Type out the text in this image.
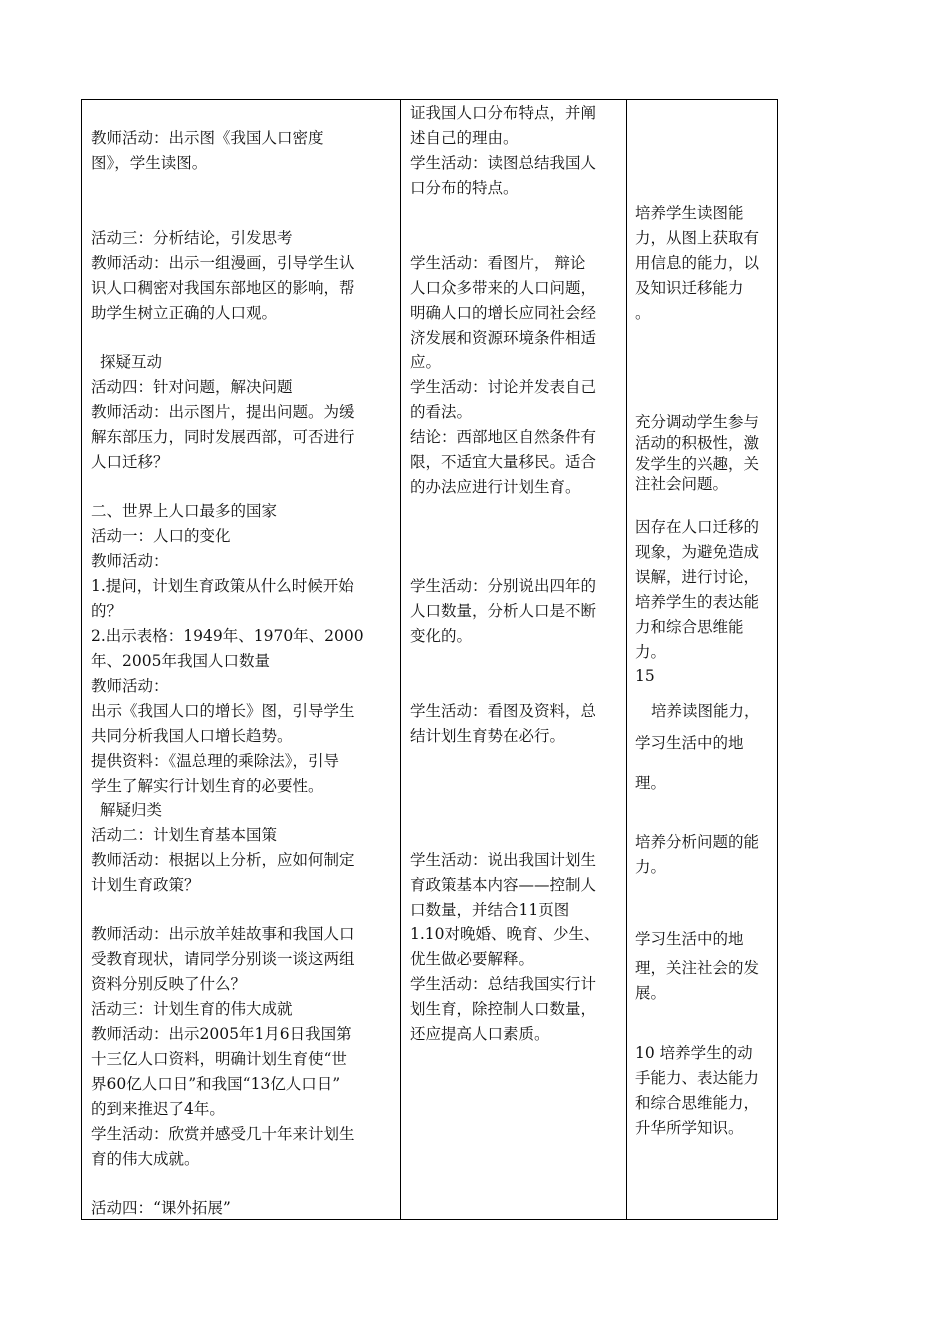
教师活动：出示图《我国人口密度
图》，学生读图。
活动三：分析结论，引发思考
教师活动：出示一组漫画，引导学生认
识人口稠密对我国东部地区的影响，帮
助学生树立正确的人口观。
探疑互动
活动四：针对问题，解决问题
教师活动：出示图片，提出问题。为缓
解东部压力，同时发展西部，可否进行
人口迁移？
二、世界上人口最多的国家
活动一：人口的变化
教师活动：
1.提问，计划生育政策从什么时候开始
的？
2.出示表格：1949年、1970年、2000
年、2005年我国人口数量
教师活动：
出示《我国人口的增长》图，引导学生
共同分析我国人口增长趋势。
提供资料：《温总理的乘除法》，引导
学生了解实行计划生育的必要性。
解疑归类
活动二：计划生育基本国策
教师活动：根据以上分析，应如何制定
计划生育政策？
教师活动：出示放羊娃故事和我国人口
受教育现状，请同学分别谈一谈这两组
资料分别反映了什么？
活动三：计划生育的伟大成就
教师活动：出示2005年1月6日我国第
十三亿人口资料，明确计划生育使“世
界60亿人口日”和我国“13亿人口日”
的到来推迟了4年。
学生活动：欣赏并感受几十年来计划生
育的伟大成就。
活动四：“课外拓展”
证我国人口分布特点，并阐
述自己的理由。
学生活动：读图总结我国人
口分布的特点。
学生活动：看图片， 辩论
人口众多带来的人口问题，
明确人口的增长应同社会经
济发展和资源环境条件相适
应。
学生活动：讨论并发表自己
的看法。
结论：西部地区自然条件有
限，不适宜大量移民。适合
的办法应进行计划生育。
学生活动：分别说出四年的
人口数量，分析人口是不断
变化的。
学生活动：看图及资料，总
结计划生育势在必行。
学生活动：说出我国计划生
育政策基本内容——控制人
口数量，并结合11页图
1.10对晚婚、晚育、少生、
优生做必要解释。
学生活动：总结我国实行计
划生育，除控制人口数量，
还应提高人口素质。
培养学生读图能
力，从图上获取有
用信息的能力，以
及知识迁移能力
。
充分调动学生参与
活动的积极性，激
发学生的兴趣，关
注社会问题。
因存在人口迁移的
现象，为避免造成
误解，进行讨论，
培养学生的表达能
力和综合思维能
力。
15
培养读图能力，
学习生活中的地
理。
培养分析问题的能
力。
学习生活中的地
理，关注社会的发
展。
10 培养学生的动
手能力、表达能力
和综合思维能力，
升华所学知识。
